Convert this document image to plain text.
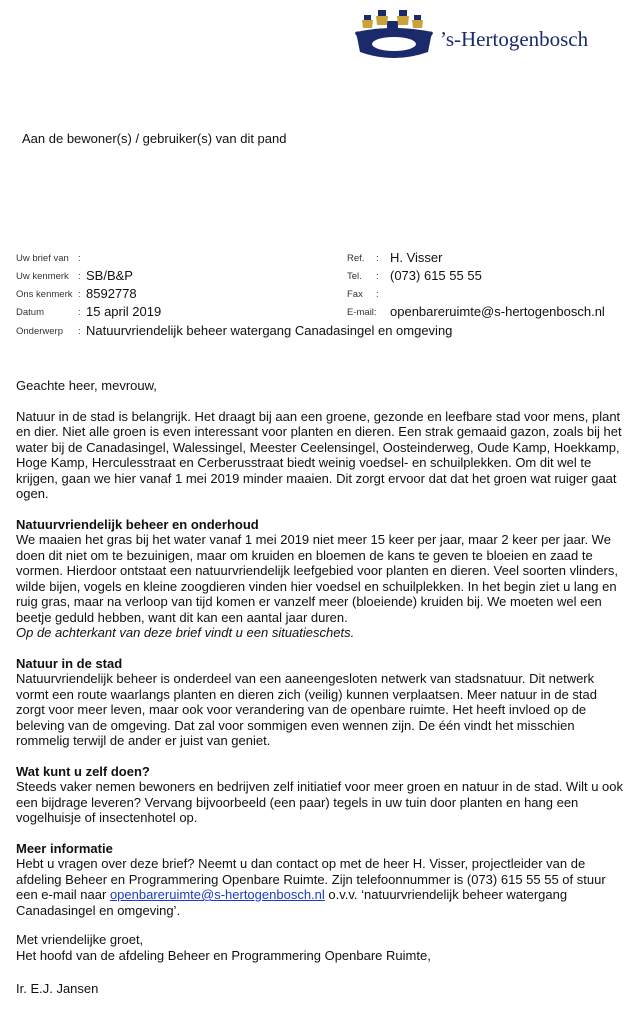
’s-Hertogenbosch
Aan de bewoner(s) / gebruiker(s) van dit pand
Uw brief van :
Uw kenmerk : SB/B&P
Ons kenmerk : 8592778
Datum	: 15 april 2019
Ref. : H. Visser
Tel. : (073) 615 55 55
Fax :
E-mail: openbareruimte@s-hertogenbosch.nl
Onderwerp : Natuurvriendelijk beheer watergang Canadasingel en omgeving

Geachte heer, mevrouw,

Natuur in de stad is belangrijk. Het draagt bij aan een groene, gezonde en leefbare stad voor mens, plant en dier. Niet alle groen is even interessant voor planten en dieren. Een strak gemaaid gazon, zoals bij het water bij de Canadasingel, Walessingel, Meester Ceelensingel, Oosteinderweg, Oude Kamp, Hoekkamp, Hoge Kamp, Herculesstraat en Cerberusstraat biedt weinig voedsel- en schuilplekken. Om dit wel te krijgen, gaan we hier vanaf 1 mei 2019 minder maaien. Dit zorgt ervoor dat dat het groen wat ruiger gaat ogen.

Natuurvriendelijk beheer en onderhoud

We maaien het gras bij het water vanaf 1 mei 2019 niet meer 15 keer per jaar, maar 2 keer per jaar. We doen dit niet om te bezuinigen, maar om kruiden en bloemen de kans te geven te bloeien en zaad te vormen. Hierdoor ontstaat een natuurvriendelijk leefgebied voor planten en dieren. Veel soorten vlinders, wilde bijen, vogels en kleine zoogdieren vinden hier voedsel en schuilplekken. In het begin ziet u lang en ruig gras, maar na verloop van tijd komen er vanzelf meer (bloeiende) kruiden bij. We moeten wel een beetje geduld hebben, want dit kan een aantal jaar duren.

Op de achterkant van deze brief vindt u een situatieschets.

Natuur in de stad

Natuurvriendelijk beheer is onderdeel van een aaneengesloten netwerk van stadsnatuur. Dit netwerk vormt een route waarlangs planten en dieren zich (veilig) kunnen verplaatsen. Meer natuur in de stad zorgt voor meer leven, maar ook voor verandering van de openbare ruimte. Het heeft invloed op de beleving van de omgeving. Dat zal voor sommigen even wennen zijn. De één vindt het misschien rommelig terwijl de ander er juist van geniet.

Wat kunt u zelf doen?

Steeds vaker nemen bewoners en bedrijven zelf initiatief voor meer groen en natuur in de stad. Wilt u ook een bijdrage leveren? Vervang bijvoorbeeld (een paar) tegels in uw tuin door planten en hang een vogelhuisje of insectenhotel op.

Meer informatie

Hebt u vragen over deze brief? Neemt u dan contact op met de heer H. Visser, projectleider van de afdeling Beheer en Programmering Openbare Ruimte. Zijn telefoonnummer is (073) 615 55 55 of stuur een e-mail naar openbareruimte@s-hertogenbosch.nl o.v.v. ‘natuurvriendelijk beheer watergang Canadasingel en omgeving’.

Met vriendelijke groet,
Het hoofd van de afdeling Beheer en Programmering Openbare Ruimte,
Ir. E.J. Jansen
